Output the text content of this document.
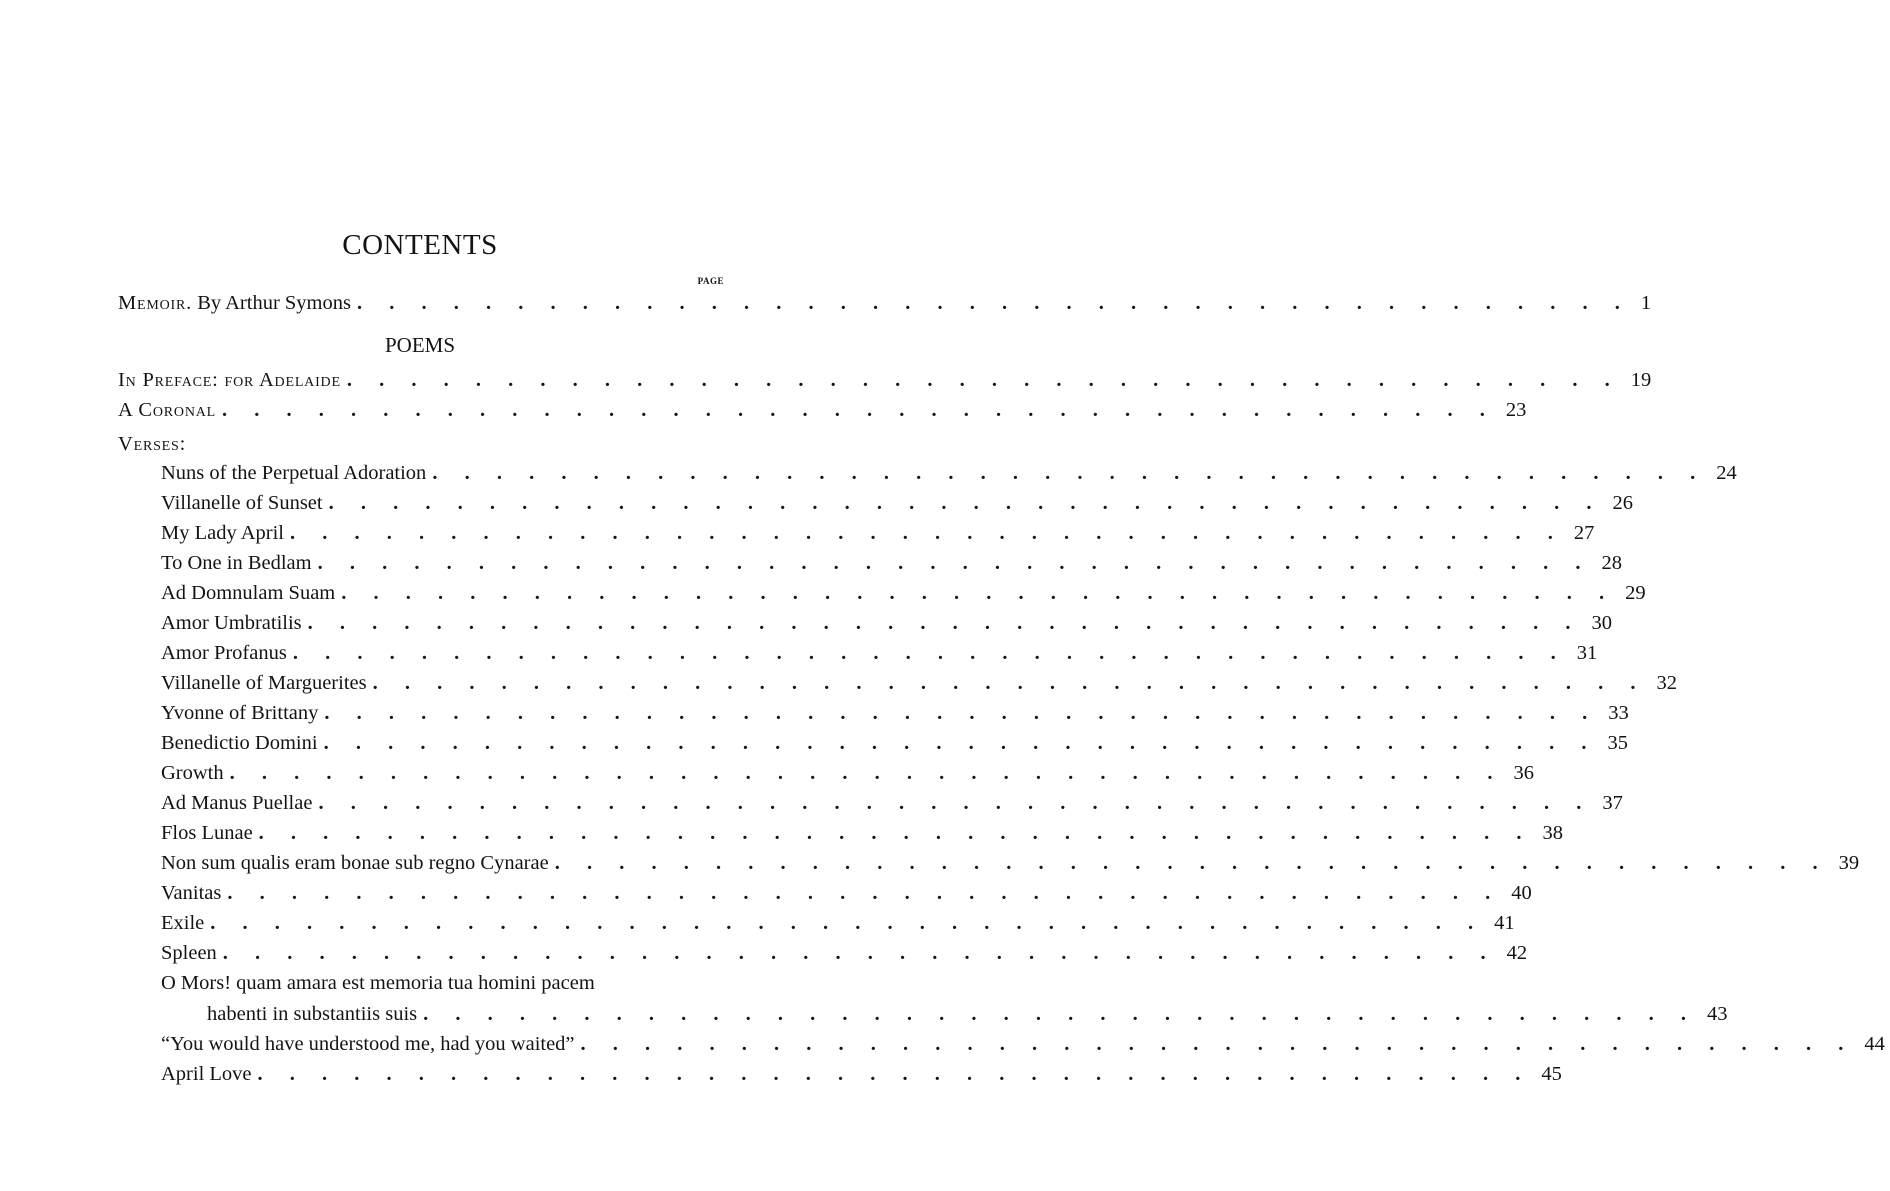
CONTENTS
PAGE
Memoir. By Arthur Symons . . . . . . . . . . . . . . . . . . . . . . . . . . . . . . . . . . . . . . . . 1
POEMS
In Preface: for Adelaide . . . . . . . . . . . . . . . . . . . . . . . . . . . . . . . . . . . . . . . . 19
A Coronal . . . . . . . . . . . . . . . . . . . . . . . . . . . . . . . . . . . . . . . . 23
Verses:
Nuns of the Perpetual Adoration . . . . . . . . . . . . . . . . . . . . . . . . . . . . . . . . . . . . . . . . 24
Villanelle of Sunset . . . . . . . . . . . . . . . . . . . . . . . . . . . . . . . . . . . . . . . . 26
My Lady April . . . . . . . . . . . . . . . . . . . . . . . . . . . . . . . . . . . . . . . . 27
To One in Bedlam . . . . . . . . . . . . . . . . . . . . . . . . . . . . . . . . . . . . . . . . 28
Ad Domnulam Suam . . . . . . . . . . . . . . . . . . . . . . . . . . . . . . . . . . . . . . . . 29
Amor Umbratilis . . . . . . . . . . . . . . . . . . . . . . . . . . . . . . . . . . . . . . . . 30
Amor Profanus . . . . . . . . . . . . . . . . . . . . . . . . . . . . . . . . . . . . . . . . 31
Villanelle of Marguerites . . . . . . . . . . . . . . . . . . . . . . . . . . . . . . . . . . . . . . . . 32
Yvonne of Brittany . . . . . . . . . . . . . . . . . . . . . . . . . . . . . . . . . . . . . . . . 33
Benedictio Domini . . . . . . . . . . . . . . . . . . . . . . . . . . . . . . . . . . . . . . . . 35
Growth . . . . . . . . . . . . . . . . . . . . . . . . . . . . . . . . . . . . . . . . 36
Ad Manus Puellae . . . . . . . . . . . . . . . . . . . . . . . . . . . . . . . . . . . . . . . . 37
Flos Lunae . . . . . . . . . . . . . . . . . . . . . . . . . . . . . . . . . . . . . . . . 38
Non sum qualis eram bonae sub regno Cynarae . . . . . . . . . . . . . . . . . . . . . . . . . . . . . . . . . . . . . . . . 39
Vanitas . . . . . . . . . . . . . . . . . . . . . . . . . . . . . . . . . . . . . . . . 40
Exile . . . . . . . . . . . . . . . . . . . . . . . . . . . . . . . . . . . . . . . . 41
Spleen . . . . . . . . . . . . . . . . . . . . . . . . . . . . . . . . . . . . . . . . 42
O Mors! quam amara est memoria tua homini pacem
habenti in substantiis suis . . . . . . . . . . . . . . . . . . . . . . . . . . . . . . . . . . . . . . . . 43
“You would have understood me, had you waited” . . . . . . . . . . . . . . . . . . . . . . . . . . . . . . . . . . . . . . . . 44
April Love . . . . . . . . . . . . . . . . . . . . . . . . . . . . . . . . . . . . . . . . 45
